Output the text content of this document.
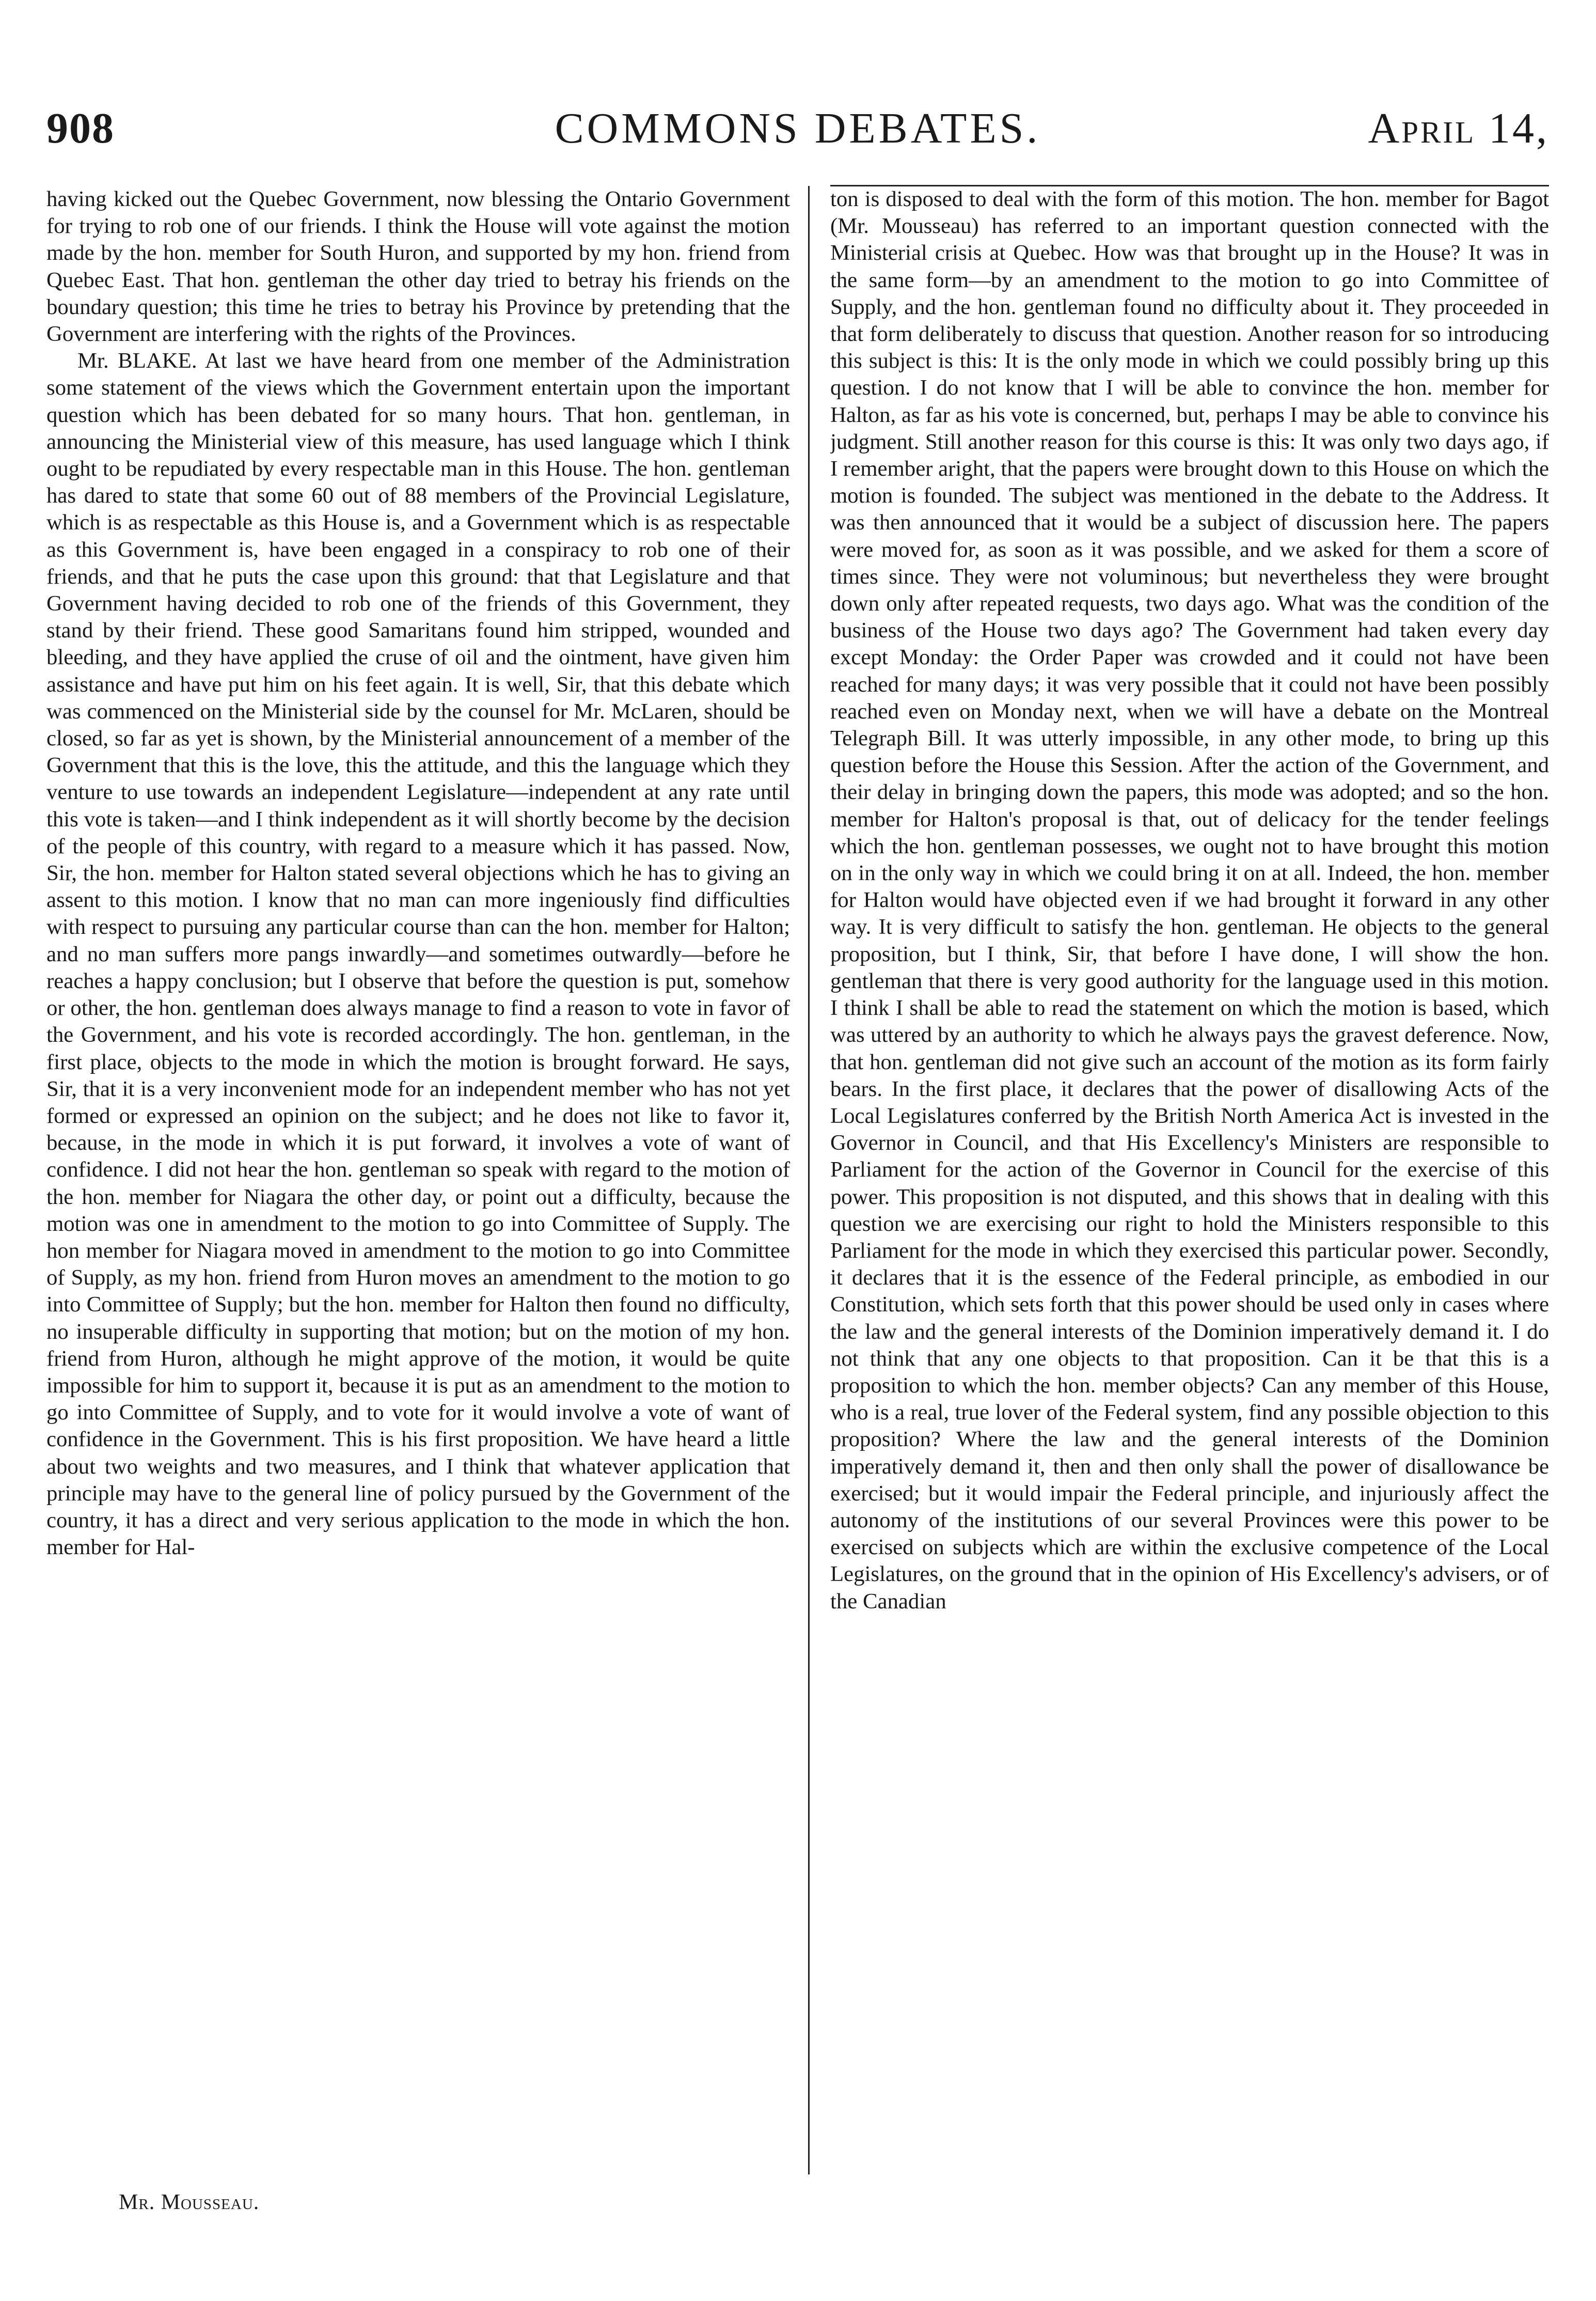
908	COMMONS DEBATES.	April 14,

having kicked out the Quebec Government, now blessing the Ontario Government for trying to rob one of our friends. I think the House will vote against the motion made by the hon. member for South Huron, and supported by my hon. friend from Quebec East. That hon. gentleman the other day tried to betray his friends on the boundary question; this time he tries to betray his Province by pretending that the Government are interfering with the rights of the Provinces.

Mr. BLAKE. At last we have heard from one member of the Administration some statement of the views which the Government entertain upon the important question which has been debated for so many hours. That hon. gentleman, in announcing the Ministerial view of this measure, has used language which I think ought to be repudiated by every respectable man in this House. The hon. gentleman has dared to state that some 60 out of 88 members of the Provincial Legislature, which is as respectable as this House is, and a Government which is as respectable as this Government is, have been engaged in a conspiracy to rob one of their friends, and that he puts the case upon this ground: that that Legislature and that Government having decided to rob one of the friends of this Government, they stand by their friend. These good Samaritans found him stripped, wounded and bleeding, and they have applied the cruse of oil and the ointment, have given him assistance and have put him on his feet again. It is well, Sir, that this debate which was commenced on the Ministerial side by the counsel for Mr. McLaren, should be closed, so far as yet is shown, by the Ministerial announcement of a member of the Government that this is the love, this the attitude, and this the language which they venture to use towards an independent Legislature—independent at any rate until this vote is taken—and I think independent as it will shortly become by the decision of the people of this country, with regard to a measure which it has passed. Now, Sir, the hon. member for Halton stated several objections which he has to giving an assent to this motion. I know that no man can more ingeniously find difficulties with respect to pursuing any particular course than can the hon. member for Halton; and no man suffers more pangs inwardly—and sometimes outwardly—before he reaches a happy conclusion; but I observe that before the question is put, somehow or other, the hon. gentleman does always manage to find a reason to vote in favor of the Government, and his vote is recorded accordingly. The hon. gentleman, in the first place, objects to the mode in which the motion is brought forward. He says, Sir, that it is a very inconvenient mode for an independent member who has not yet formed or expressed an opinion on the subject; and he does not like to favor it, because, in the mode in which it is put forward, it involves a vote of want of confidence. I did not hear the hon. gentleman so speak with regard to the motion of the hon. member for Niagara the other day, or point out a difficulty, because the motion was one in amendment to the motion to go into Committee of Supply. The hon member for Niagara moved in amendment to the motion to go into Committee of Supply, as my hon. friend from Huron moves an amendment to the motion to go into Committee of Supply; but the hon. member for Halton then found no difficulty, no insuperable difficulty in supporting that motion; but on the motion of my hon. friend from Huron, although he might approve of the motion, it would be quite impossible for him to support it, because it is put as an amendment to the motion to go into Committee of Supply, and to vote for it would involve a vote of want of confidence in the Government. This is his first proposition. We have heard a little about two weights and two measures, and I think that whatever application that principle may have to the general line of policy pursued by the Government of the country, it has a direct and very serious application to the mode in which the hon. member for Hal-

ton is disposed to deal with the form of this motion. The hon. member for Bagot (Mr. Mousseau) has referred to an important question connected with the Ministerial crisis at Quebec. How was that brought up in the House? It was in the same form—by an amendment to the motion to go into Committee of Supply, and the hon. gentleman found no difficulty about it. They proceeded in that form deliberately to discuss that question. Another reason for so introducing this subject is this: It is the only mode in which we could possibly bring up this question. I do not know that I will be able to convince the hon. member for Halton, as far as his vote is concerned, but, perhaps I may be able to convince his judgment. Still another reason for this course is this: It was only two days ago, if I remember aright, that the papers were brought down to this House on which the motion is founded. The subject was mentioned in the debate to the Address. It was then announced that it would be a subject of discussion here. The papers were moved for, as soon as it was possible, and we asked for them a score of times since. They were not voluminous; but nevertheless they were brought down only after repeated requests, two days ago. What was the condition of the business of the House two days ago? The Government had taken every day except Monday: the Order Paper was crowded and it could not have been reached for many days; it was very possible that it could not have been possibly reached even on Monday next, when we will have a debate on the Montreal Telegraph Bill. It was utterly impossible, in any other mode, to bring up this question before the House this Session. After the action of the Government, and their delay in bringing down the papers, this mode was adopted; and so the hon. member for Halton's proposal is that, out of delicacy for the tender feelings which the hon. gentleman possesses, we ought not to have brought this motion on in the only way in which we could bring it on at all. Indeed, the hon. member for Halton would have objected even if we had brought it forward in any other way. It is very difficult to satisfy the hon. gentleman. He objects to the general proposition, but I think, Sir, that before I have done, I will show the hon. gentleman that there is very good authority for the language used in this motion. I think I shall be able to read the statement on which the motion is based, which was uttered by an authority to which he always pays the gravest deference. Now, that hon. gentleman did not give such an account of the motion as its form fairly bears. In the first place, it declares that the power of disallowing Acts of the Local Legislatures conferred by the British North America Act is invested in the Governor in Council, and that His Excellency's Ministers are responsible to Parliament for the action of the Governor in Council for the exercise of this power. This proposition is not disputed, and this shows that in dealing with this question we are exercising our right to hold the Ministers responsible to this Parliament for the mode in which they exercised this particular power. Secondly, it declares that it is the essence of the Federal principle, as embodied in our Constitution, which sets forth that this power should be used only in cases where the law and the general interests of the Dominion imperatively demand it. I do not think that any one objects to that proposition. Can it be that this is a proposition to which the hon. member objects? Can any member of this House, who is a real, true lover of the Federal system, find any possible objection to this proposition? Where the law and the general interests of the Dominion imperatively demand it, then and then only shall the power of disallowance be exercised; but it would impair the Federal principle, and injuriously affect the autonomy of the institutions of our several Provinces were this power to be exercised on subjects which are within the exclusive competence of the Local Legislatures, on the ground that in the opinion of His Excellency's advisers, or of the Canadian

Mr. Mousseau.
